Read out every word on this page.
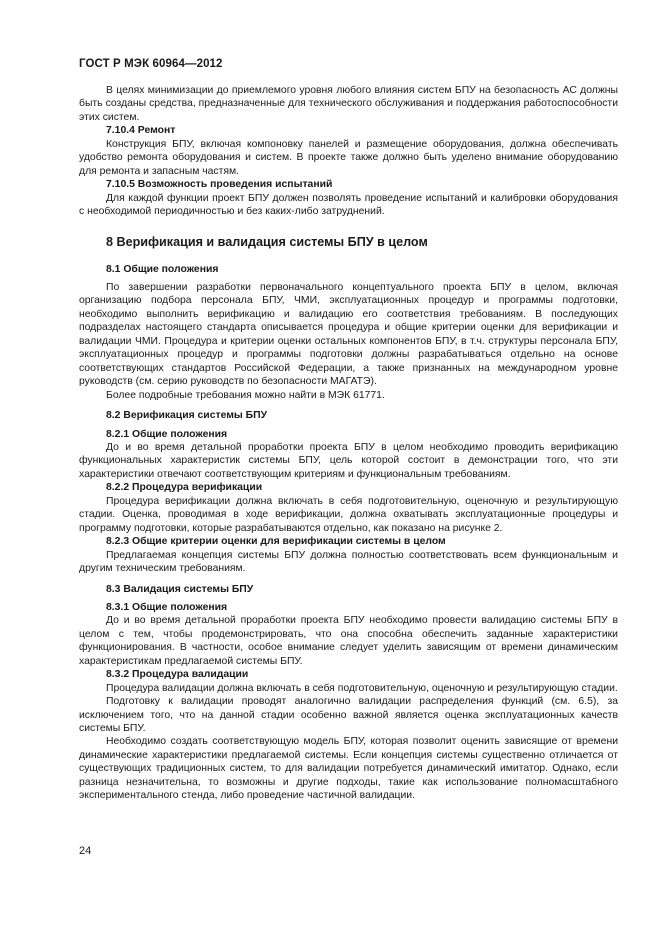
ГОСТ Р МЭК 60964—2012

В целях минимизации до приемлемого уровня любого влияния систем БПУ на безопасность АС должны быть созданы средства, предназначенные для технического обслуживания и поддержания работоспособности этих систем.

7.10.4 Ремонт

Конструкция БПУ, включая компоновку панелей и размещение оборудования, должна обеспечивать удобство ремонта оборудования и систем. В проекте также должно быть уделено внимание оборудованию для ремонта и запасным частям.

7.10.5 Возможность проведения испытаний

Для каждой функции проект БПУ должен позволять проведение испытаний и калибровки оборудования с необходимой периодичностью и без каких-либо затруднений.

8 Верификация и валидация системы БПУ в целом

8.1 Общие положения

По завершении разработки первоначального концептуального проекта БПУ в целом, включая организацию подбора персонала БПУ, ЧМИ, эксплуатационных процедур и программы подготовки, необходимо выполнить верификацию и валидацию его соответствия требованиям. В последующих подразделах настоящего стандарта описывается процедура и общие критерии оценки для верификации и валидации ЧМИ. Процедура и критерии оценки остальных компонентов БПУ, в т.ч. структуры персонала БПУ, эксплуатационных процедур и программы подготовки должны разрабатываться отдельно на основе соответствующих стандартов Российской Федерации, а также признанных на международном уровне руководств (см. серию руководств по безопасности МАГАТЭ).

Более подробные требования можно найти в МЭК 61771.

8.2 Верификация системы БПУ

8.2.1 Общие положения

До и во время детальной проработки проекта БПУ в целом необходимо проводить верификацию функциональных характеристик системы БПУ, цель которой состоит в демонстрации того, что эти характеристики отвечают соответствующим критериям и функциональным требованиям.

8.2.2 Процедура верификации

Процедура верификации должна включать в себя подготовительную, оценочную и результирующую стадии. Оценка, проводимая в ходе верификации, должна охватывать эксплуатационные процедуры и программу подготовки, которые разрабатываются отдельно, как показано на рисунке 2.

8.2.3 Общие критерии оценки для верификации системы в целом

Предлагаемая концепция системы БПУ должна полностью соответствовать всем функциональным и другим техническим требованиям.

8.3 Валидация системы БПУ

8.3.1 Общие положения

До и во время детальной проработки проекта БПУ необходимо провести валидацию системы БПУ в целом с тем, чтобы продемонстрировать, что она способна обеспечить заданные характеристики функционирования. В частности, особое внимание следует уделить зависящим от времени динамическим характеристикам предлагаемой системы БПУ.

8.3.2 Процедура валидации

Процедура валидации должна включать в себя подготовительную, оценочную и результирующую стадии.

Подготовку к валидации проводят аналогично валидации распределения функций (см. 6.5), за исключением того, что на данной стадии особенно важной является оценка эксплуатационных качеств системы БПУ.

Необходимо создать соответствующую модель БПУ, которая позволит оценить зависящие от времени динамические характеристики предлагаемой системы. Если концепция системы существенно отличается от существующих традиционных систем, то для валидации потребуется динамический имитатор. Однако, если разница незначительна, то возможны и другие подходы, такие как использование полномасштабного экспериментального стенда, либо проведение частичной валидации.

24
